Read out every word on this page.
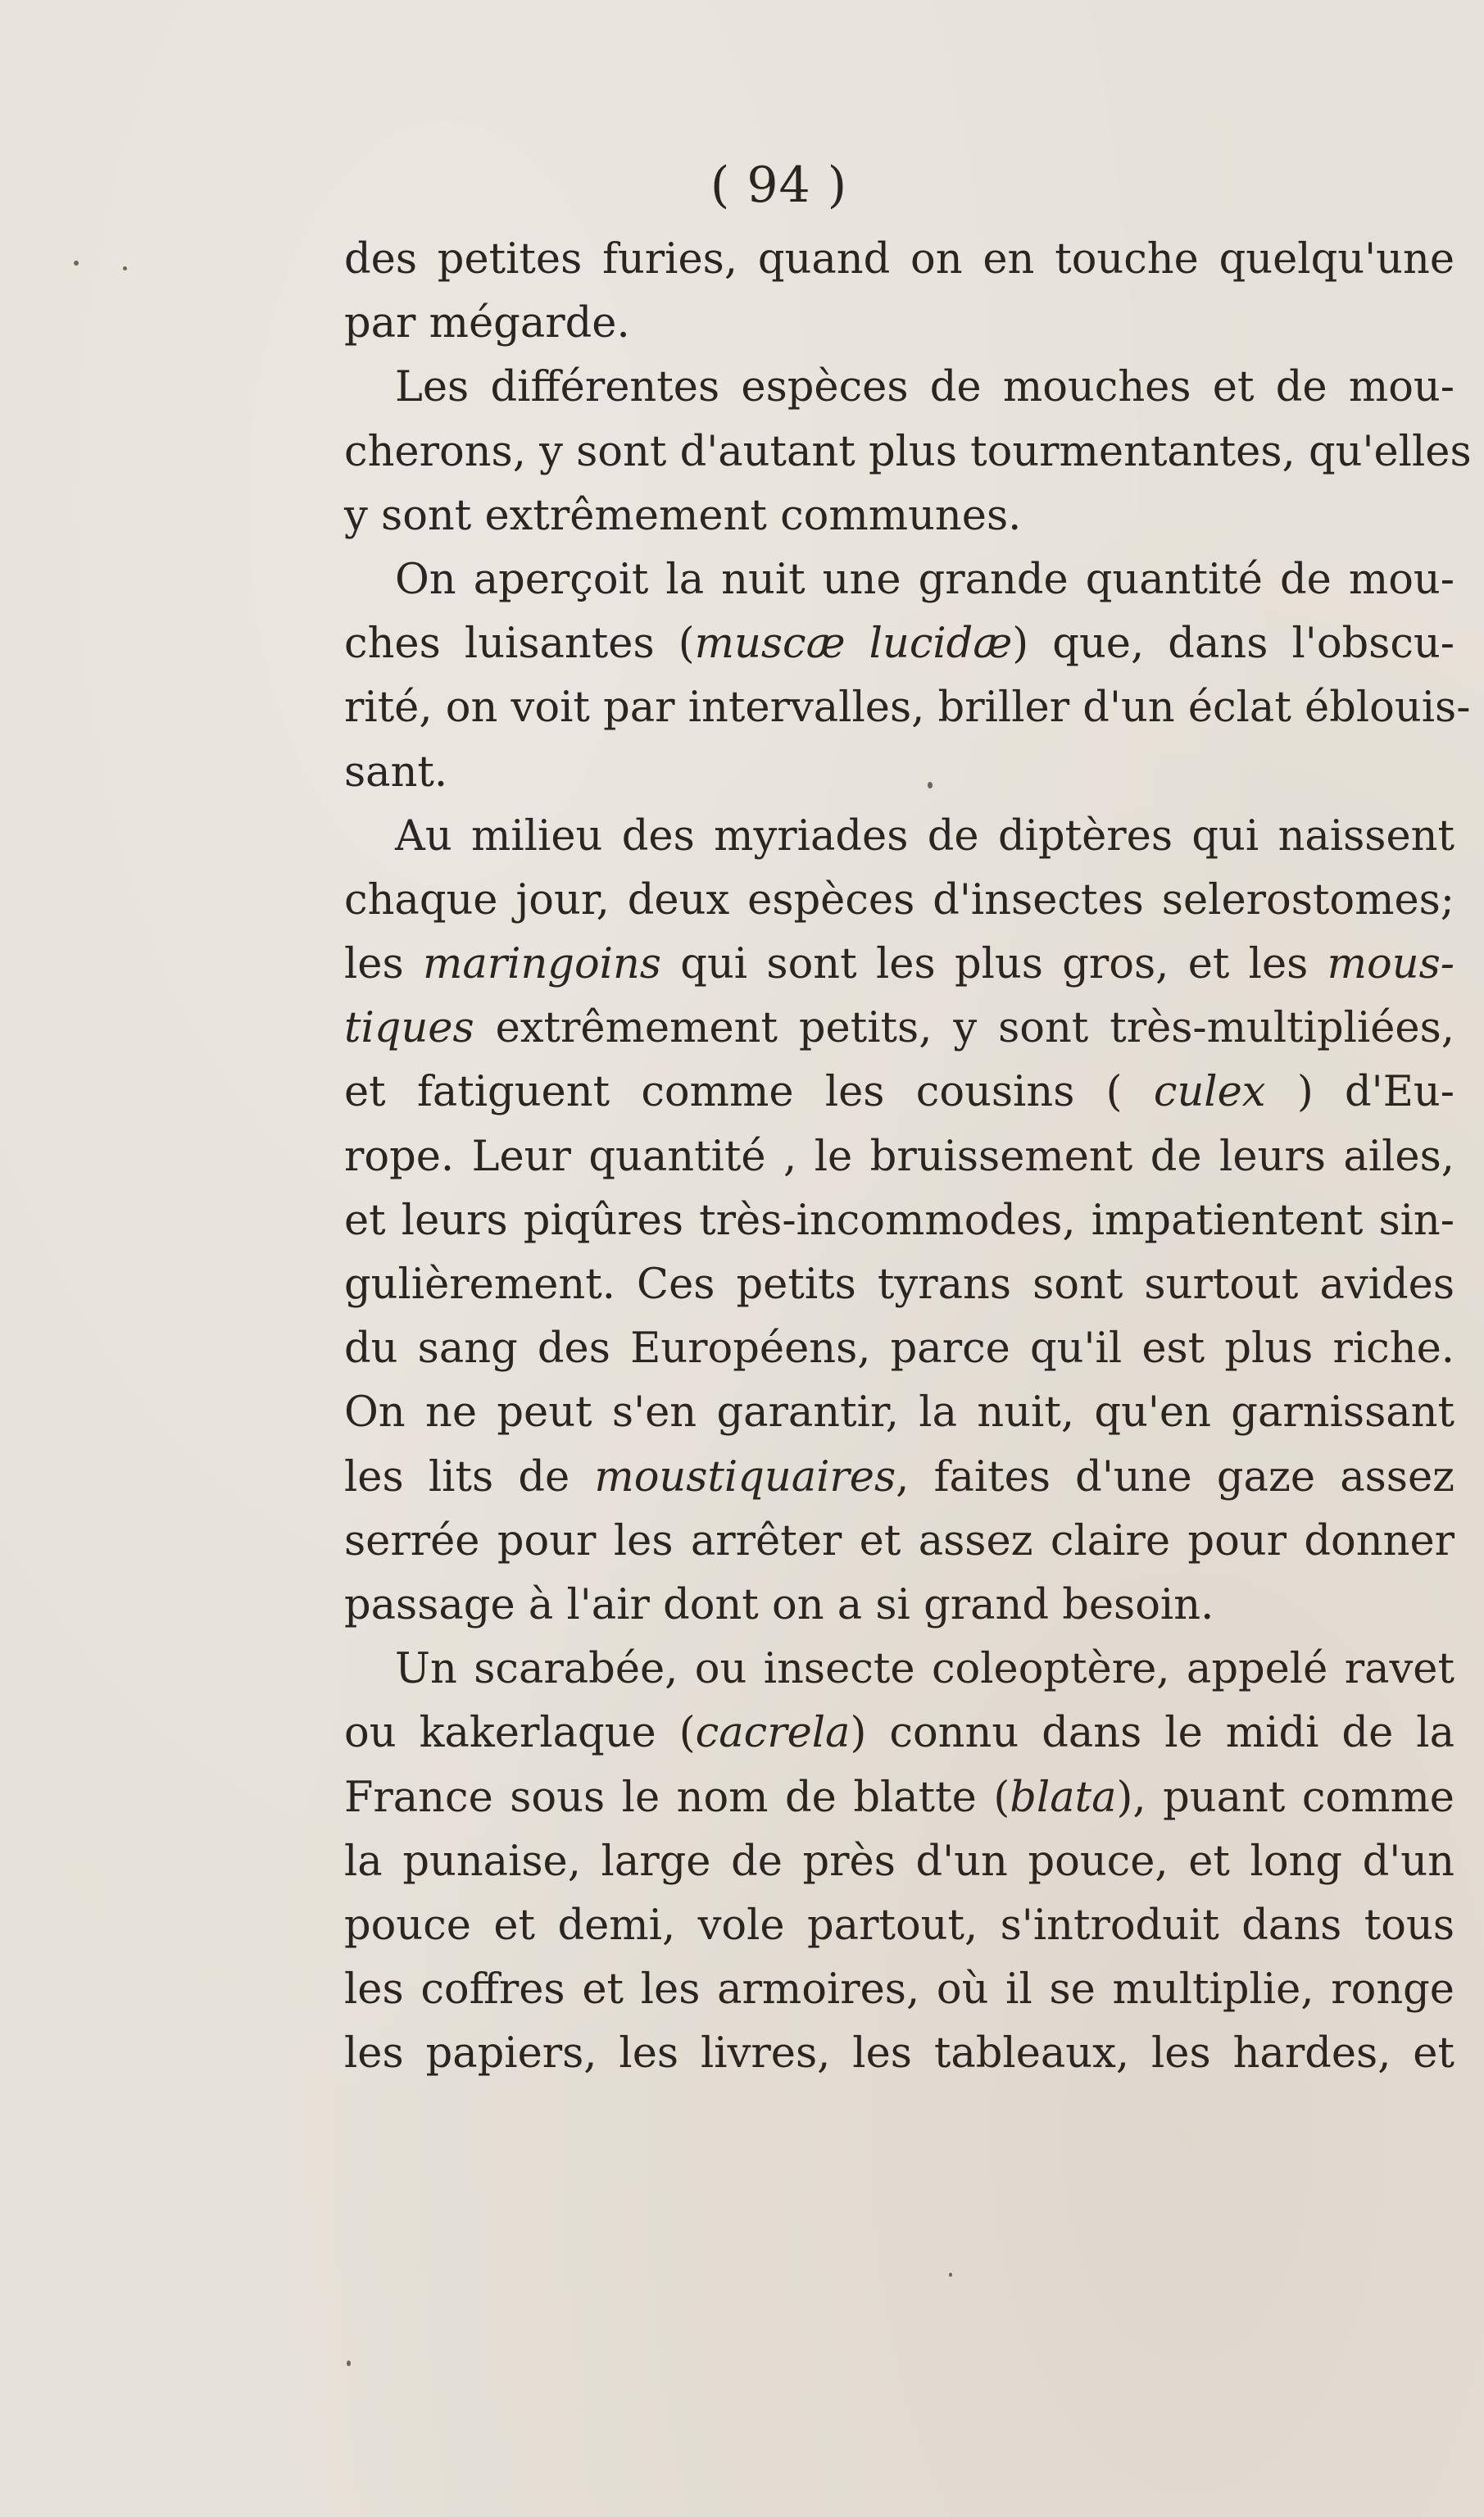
( 94 )
des petites furies, quand on en touche quelqu'une
par mégarde.
Les différentes espèces de mouches et de mou-
cherons, y sont d'autant plus tourmentantes, qu'elles
y sont extrêmement communes.
On aperçoit la nuit une grande quantité de mou-
ches luisantes (muscæ lucidæ) que, dans l'obscu-
rité, on voit par intervalles, briller d'un éclat éblouis-
sant.
Au milieu des myriades de diptères qui naissent
chaque jour, deux espèces d'insectes selerostomes;
les maringoins qui sont les plus gros, et les mous-
tiques extrêmement petits, y sont très-multipliées,
et fatiguent comme les cousins ( culex ) d'Eu-
rope. Leur quantité , le bruissement de leurs ailes,
et leurs piqûres très-incommodes, impatientent sin-
gulièrement. Ces petits tyrans sont surtout avides
du sang des Européens, parce qu'il est plus riche.
On ne peut s'en garantir, la nuit, qu'en garnissant
les lits de moustiquaires, faites d'une gaze assez
serrée pour les arrêter et assez claire pour donner
passage à l'air dont on a si grand besoin.
Un scarabée, ou insecte coleoptère, appelé ravet
ou kakerlaque (cacrela) connu dans le midi de la
France sous le nom de blatte (blata), puant comme
la punaise, large de près d'un pouce, et long d'un
pouce et demi, vole partout, s'introduit dans tous
les coffres et les armoires, où il se multiplie, ronge
les papiers, les livres, les tableaux, les hardes, et
